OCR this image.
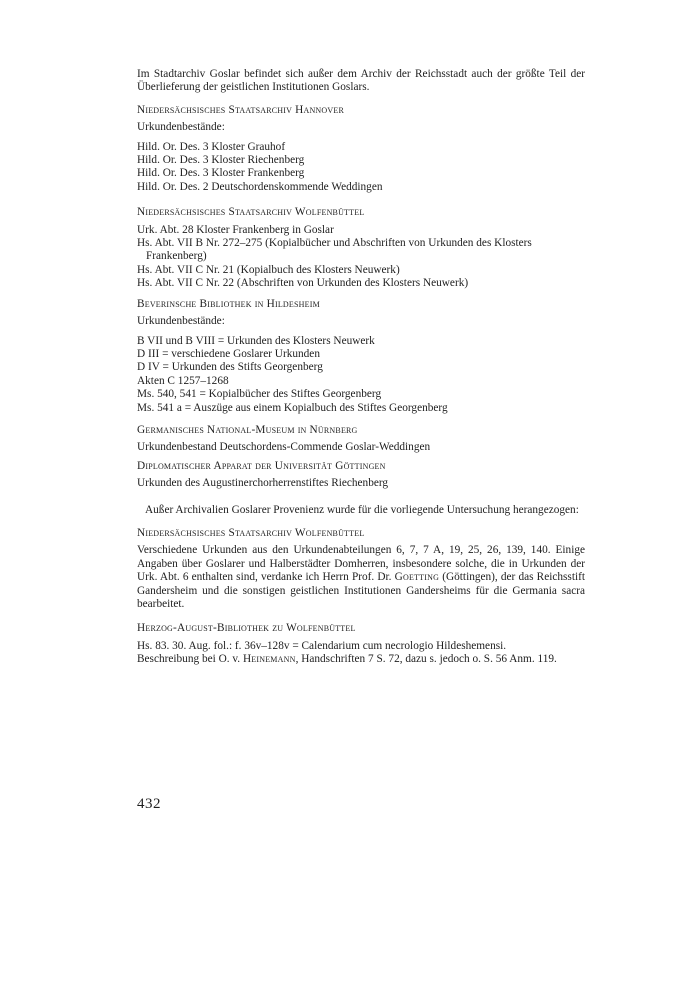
Im Stadtarchiv Goslar befindet sich außer dem Archiv der Reichsstadt auch der größte Teil der Überlieferung der geistlichen Institutionen Goslars.

Niedersächsisches Staatsarchiv Hannover
Urkundenbestände:
Hild. Or. Des. 3 Kloster Grauhof
Hild. Or. Des. 3 Kloster Riechenberg
Hild. Or. Des. 3 Kloster Frankenberg
Hild. Or. Des. 2 Deutschordenskommende Weddingen
Niedersächsisches Staatsarchiv Wolfenbüttel
Urk. Abt. 28 Kloster Frankenberg in Goslar
Hs. Abt. VII B Nr. 272–275 (Kopialbücher und Abschriften von Urkunden des Klosters Frankenberg)
Hs. Abt. VII C Nr. 21 (Kopialbuch des Klosters Neuwerk)
Hs. Abt. VII C Nr. 22 (Abschriften von Urkunden des Klosters Neuwerk)
Beverinsche Bibliothek in Hildesheim
Urkundenbestände:
B VII und B VIII = Urkunden des Klosters Neuwerk
D III = verschiedene Goslarer Urkunden
D IV = Urkunden des Stifts Georgenberg
Akten C 1257–1268
Ms. 540, 541 = Kopialbücher des Stiftes Georgenberg
Ms. 541 a = Auszüge aus einem Kopialbuch des Stiftes Georgenberg
Germanisches National-Museum in Nürnberg
Urkundenbestand Deutschordens-Commende Goslar-Weddingen
Diplomatischer Apparat der Universität Göttingen
Urkunden des Augustinerchorherrenstiftes Riechenberg

Außer Archivalien Goslarer Provenienz wurde für die vorliegende Untersuchung herangezogen:

Niedersächsisches Staatsarchiv Wolfenbüttel

Verschiedene Urkunden aus den Urkundenabteilungen 6, 7, 7 A, 19, 25, 26, 139, 140. Einige Angaben über Goslarer und Halberstädter Domherren, insbesondere solche, die in Urkunden der Urk. Abt. 6 enthalten sind, verdanke ich Herrn Prof. Dr. Goetting (Göttingen), der das Reichsstift Gandersheim und die sonstigen geistlichen Institutionen Gandersheims für die Germania sacra bearbeitet.

Herzog-August-Bibliothek zu Wolfenbüttel

Hs. 83. 30. Aug. fol.: f. 36v–128v = Calendarium cum necrologio Hildeshemensi.
Beschreibung bei O. v. Heinemann, Handschriften 7 S. 72, dazu s. jedoch o. S. 56 Anm. 119.

432
